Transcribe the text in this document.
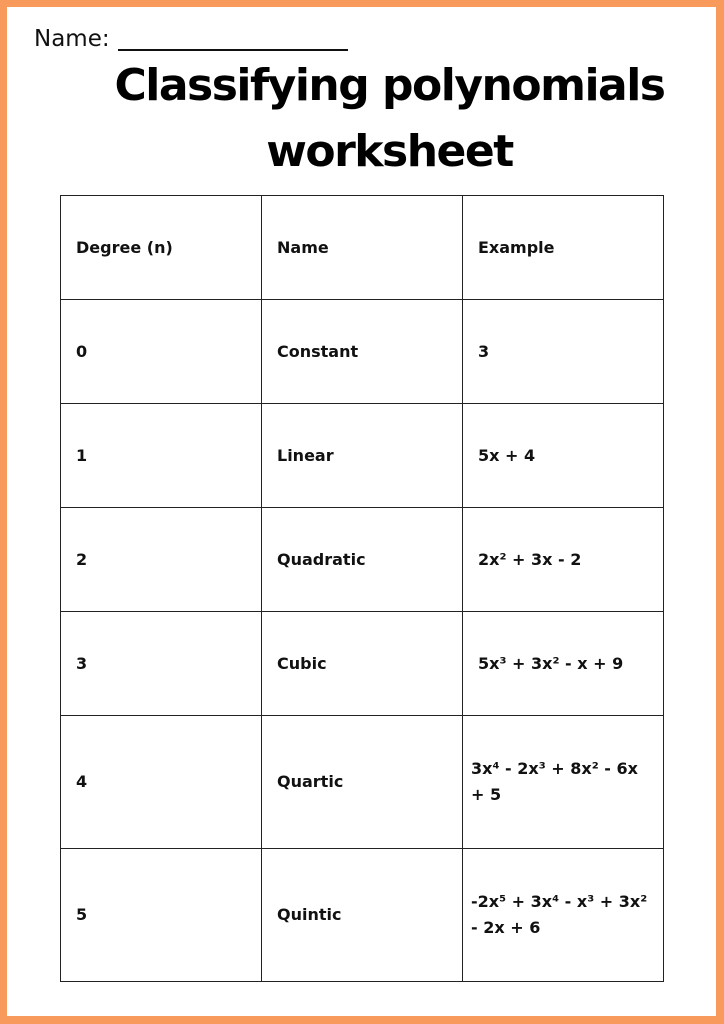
Name:
Classifying polynomials
worksheet
Degree (n)	Name	Example
0	Constant	3
1	Linear	5x + 4
2	Quadratic	2x² + 3x - 2
3	Cubic	5x³ + 3x² - x + 9
4	Quartic	3x⁴ - 2x³ + 8x² - 6x + 5
5	Quintic	-2x⁵ + 3x⁴ - x³ + 3x² - 2x + 6
